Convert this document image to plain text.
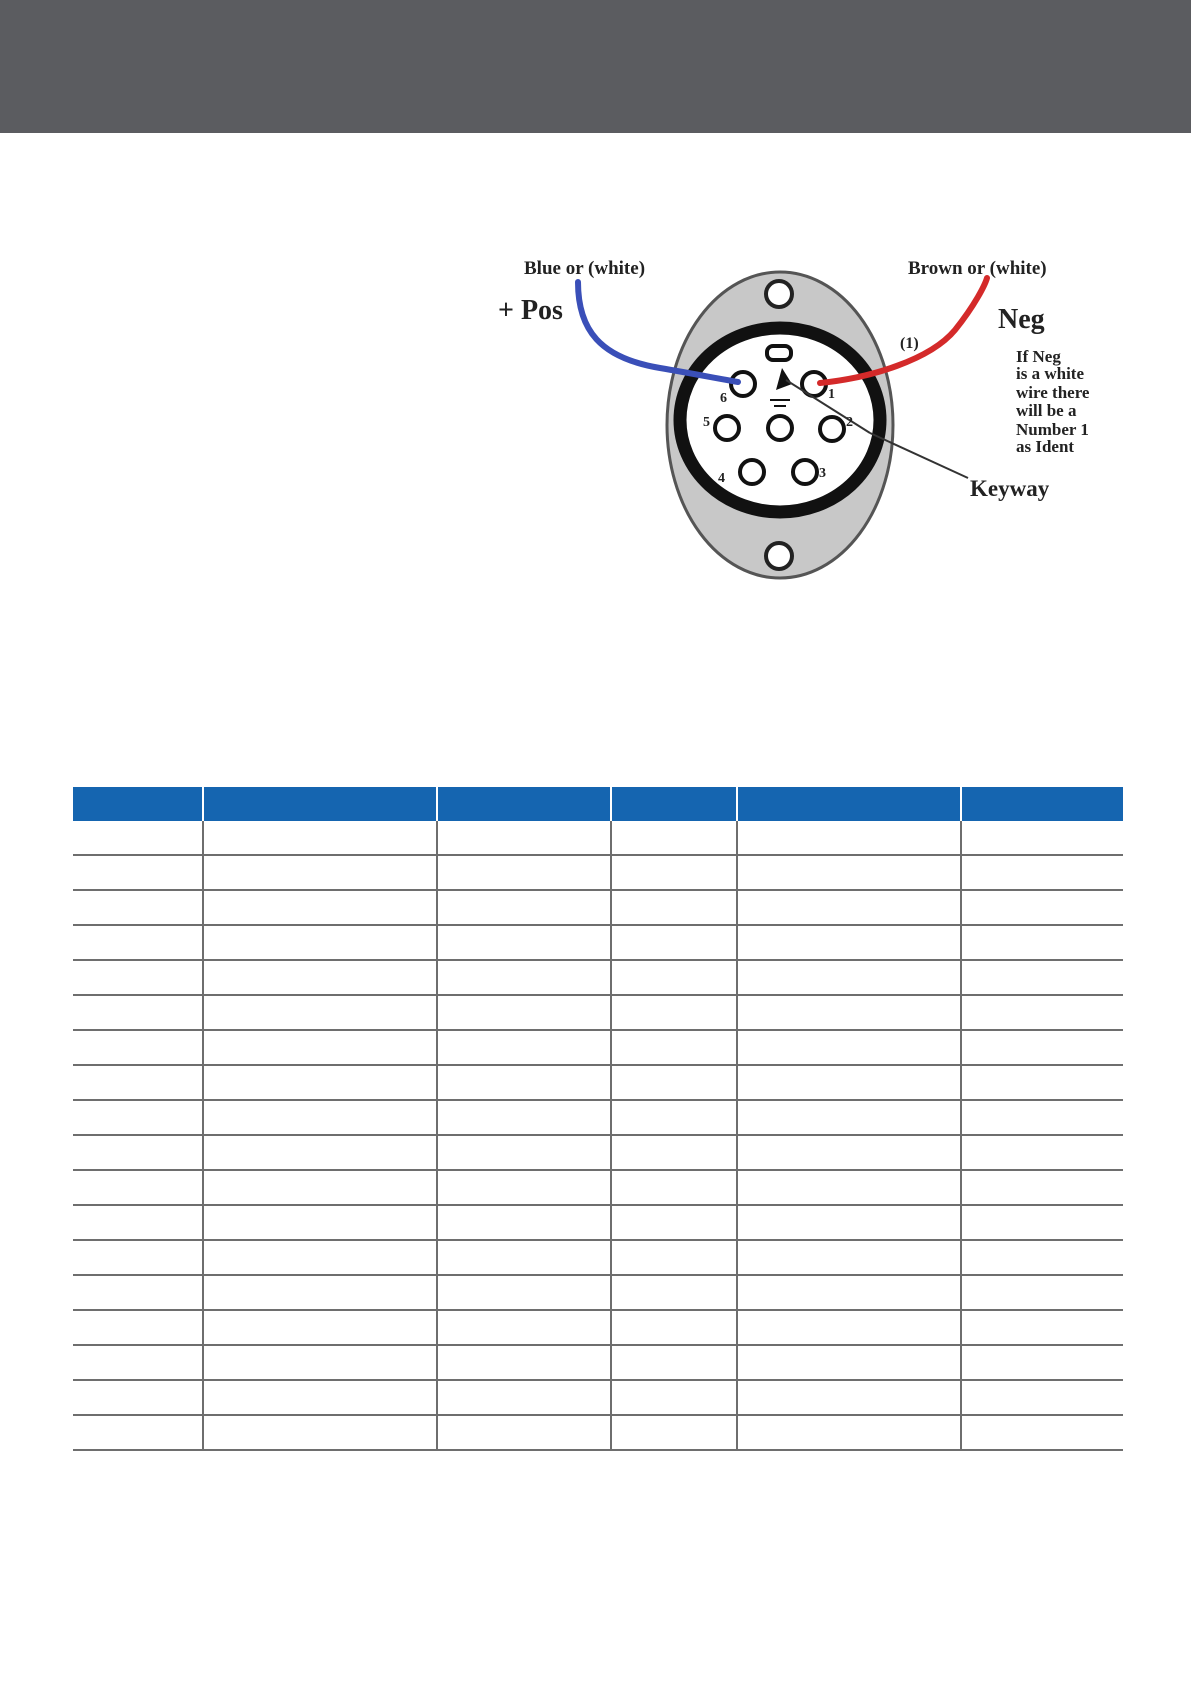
1
2
3
4
5
6
Blue or (white)
+ Pos
Brown or (white)
Neg
(1)
If Neg
is a white
wire there
will be a
Number 1
as Ident
Keyway
